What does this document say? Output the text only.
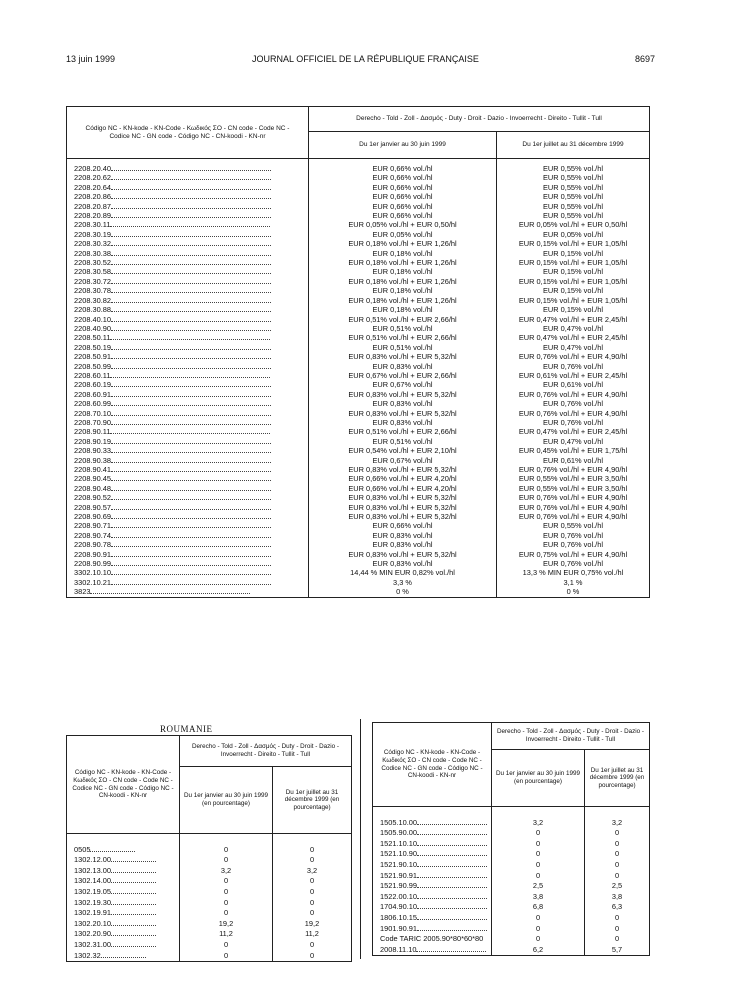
13 juin 1999	JOURNAL OFFICIEL DE LA RÉPUBLIQUE FRANÇAISE	8697
Código NC - KN-kode - KN-Code - Κωδικός ΣΟ - CN code - Code NC - Codice NC - GN code - Código NC - CN-koodi - KN-nr	Derecho - Told - Zoll - Δασμός - Duty - Droit - Dazio - Invoerrecht - Direito - Tullit - Tull	
	Du 1er janvier au 30 juin 1999	Du 1er juillet au 31 décembre 1999

2208.20.40	EUR 0,66% vol./hl	EUR 0,55% vol./hl
2208.20.62	EUR 0,66% vol./hl	EUR 0,55% vol./hl
2208.20.64	EUR 0,66% vol./hl	EUR 0,55% vol./hl
2208.20.86	EUR 0,66% vol./hl	EUR 0,55% vol./hl
2208.20.87	EUR 0,66% vol./hl	EUR 0,55% vol./hl
2208.20.89	EUR 0,66% vol./hl	EUR 0,55% vol./hl
2208.30.11	EUR 0,05% vol./hl + EUR 0,50/hl	EUR 0,05% vol./hl + EUR 0,50/hl
2208.30.19	EUR 0,05% vol./hl	EUR 0,05% vol./hl
2208.30.32	EUR 0,18% vol./hl + EUR 1,26/hl	EUR 0,15% vol./hl + EUR 1,05/hl
2208.30.38	EUR 0,18% vol./hl	EUR 0,15% vol./hl
2208.30.52	EUR 0,18% vol./hl + EUR 1,26/hl	EUR 0,15% vol./hl + EUR 1,05/hl
2208.30.58	EUR 0,18% vol./hl	EUR 0,15% vol./hl
2208.30.72	EUR 0,18% vol./hl + EUR 1,26/hl	EUR 0,15% vol./hl + EUR 1,05/hl
2208.30.78	EUR 0,18% vol./hl	EUR 0,15% vol./hl
2208.30.82	EUR 0,18% vol./hl + EUR 1,26/hl	EUR 0,15% vol./hl + EUR 1,05/hl
2208.30.88	EUR 0,18% vol./hl	EUR 0,15% vol./hl
2208.40.10	EUR 0,51% vol./hl + EUR 2,66/hl	EUR 0,47% vol./hl + EUR 2,45/hl
2208.40.90	EUR 0,51% vol./hl	EUR 0,47% vol./hl
2208.50.11	EUR 0,51% vol./hl + EUR 2,66/hl	EUR 0,47% vol./hl + EUR 2,45/hl
2208.50.19	EUR 0,51% vol./hl	EUR 0,47% vol./hl
2208.50.91	EUR 0,83% vol./hl + EUR 5,32/hl	EUR 0,76% vol./hl + EUR 4,90/hl
2208.50.99	EUR 0,83% vol./hl	EUR 0,76% vol./hl
2208.60.11	EUR 0,67% vol./hl + EUR 2,66/hl	EUR 0,61% vol./hl + EUR 2,45/hl
2208.60.19	EUR 0,67% vol./hl	EUR 0,61% vol./hl
2208.60.91	EUR 0,83% vol./hl + EUR 5,32/hl	EUR 0,76% vol./hl + EUR 4,90/hl
2208.60.99	EUR 0,83% vol./hl	EUR 0,76% vol./hl
2208.70.10	EUR 0,83% vol./hl + EUR 5,32/hl	EUR 0,76% vol./hl + EUR 4,90/hl
2208.70.90	EUR 0,83% vol./hl	EUR 0,76% vol./hl
2208.90.11	EUR 0,51% vol./hl + EUR 2,66/hl	EUR 0,47% vol./hl + EUR 2,45/hl
2208.90.19	EUR 0,51% vol./hl	EUR 0,47% vol./hl
2208.90.33	EUR 0,54% vol./hl + EUR 2,10/hl	EUR 0,45% vol./hl + EUR 1,75/hl
2208.90.38	EUR 0,67% vol./hl	EUR 0,61% vol./hl
2208.90.41	EUR 0,83% vol./hl + EUR 5,32/hl	EUR 0,76% vol./hl + EUR 4,90/hl
2208.90.45	EUR 0,66% vol./hl + EUR 4,20/hl	EUR 0,55% vol./hl + EUR 3,50/hl
2208.90.48	EUR 0,66% vol./hl + EUR 4,20/hl	EUR 0,55% vol./hl + EUR 3,50/hl
2208.90.52	EUR 0,83% vol./hl + EUR 5,32/hl	EUR 0,76% vol./hl + EUR 4,90/hl
2208.90.57	EUR 0,83% vol./hl + EUR 5,32/hl	EUR 0,76% vol./hl + EUR 4,90/hl
2208.90.69	EUR 0,83% vol./hl + EUR 5,32/hl	EUR 0,76% vol./hl + EUR 4,90/hl
2208.90.71	EUR 0,66% vol./hl	EUR 0,55% vol./hl
2208.90.74	EUR 0,83% vol./hl	EUR 0,76% vol./hl
2208.90.78	EUR 0,83% vol./hl	EUR 0,76% vol./hl
2208.90.91	EUR 0,83% vol./hl + EUR 5,32/hl	EUR 0,75% vol./hl + EUR 4,90/hl
2208.90.99	EUR 0,83% vol./hl	EUR 0,76% vol./hl
3302.10.10	14,44 % MIN EUR 0,82% vol./hl	13,3 % MIN EUR 0,75% vol./hl
3302.10.21	3,3 %	3,1 %
3823	0 %	0 %
ROUMANIE
Código NC - KN-kode - KN-Code - Κωδικός ΣΟ - CN code - Code NC - Codice NC - GN code - Código NC - CN-koodi - KN-nr	Derecho - Told - Zoll - Δασμός - Duty - Droit - Dazio - Invoerrecht - Direito - Tullit - Tull	
	Du 1er janvier au 30 juin 1999 (en pourcentage)	Du 1er juillet au 31 décembre 1999 (en pourcentage)

0505	0	0
1302.12.00	0	0
1302.13.00	3,2	3,2
1302.14.00	0	0
1302.19.05	0	0
1302.19.30	0	0
1302.19.91	0	0
1302.20.10	19,2	19,2
1302.20.90	11,2	11,2
1302.31.00	0	0
1302.32	0	0
Código NC - KN-kode - KN-Code - Κωδικός ΣΟ - CN code - Code NC - Codice NC - GN code - Código NC - CN-koodi - KN-nr	Derecho - Told - Zoll - Δασμός - Duty - Droit - Dazio - Invoerrecht - Direito - Tullit - Tull	
	Du 1er janvier au 30 juin 1999 (en pourcentage)	Du 1er juillet au 31 décembre 1999 (en pourcentage)

1505.10.00	3,2	3,2
1505.90.00	0	0
1521.10.10	0	0
1521.10.90	0	0
1521.90.10	0	0
1521.90.91	0	0
1521.90.99	2,5	2,5
1522.00.10	3,8	3,8
1704.90.10	6,8	6,3
1806.10.15	0	0
1901.90.91	0	0
Code TARIC 2005.90*80*60*80	0	0
2008.11.10	6,2	5,7
